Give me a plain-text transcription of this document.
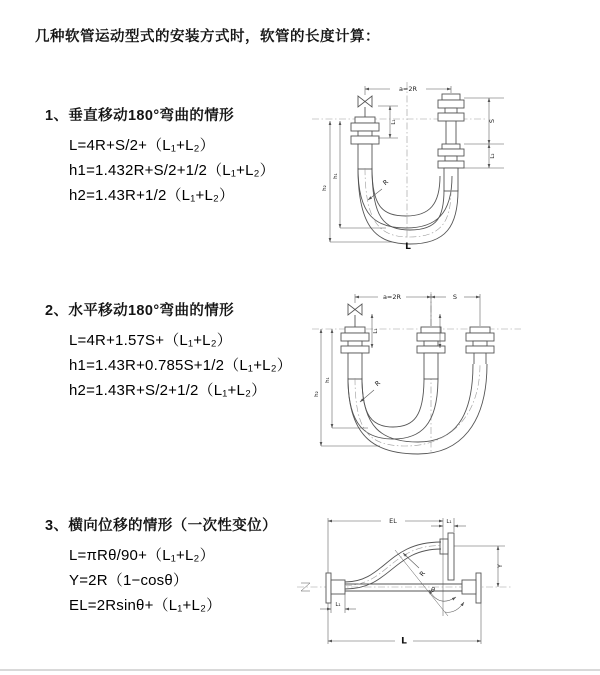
几种软管运动型式的安装方式时，软管的长度计算：
1、垂直移动180°弯曲的情形
L=4R+S/2+（L₁+L₂）
h1=1.432R+S/2+1/2（L₁+L₂）
h2=1.43R+1/2（L₁+L₂）
a=2R
L₁	S
L₂
h₂
h₁
R
L
2、水平移动180°弯曲的情形
L=4R+1.57S+（L₁+L₂）
h1=1.43R+0.785S+1/2（L₁+L₂）
h2=1.43R+S/2+1/2（L₁+L₂）
a=2R	S
L₁
h₂
h₁	R
3、横向位移的情形（一次性变位）
L=πRθ/90+（L₁+L₂）
Y=2R（1−cosθ）
EL=2Rsinθ+（L₁+L₂）
θ
R
EL	L₁
Y
L
L₁
